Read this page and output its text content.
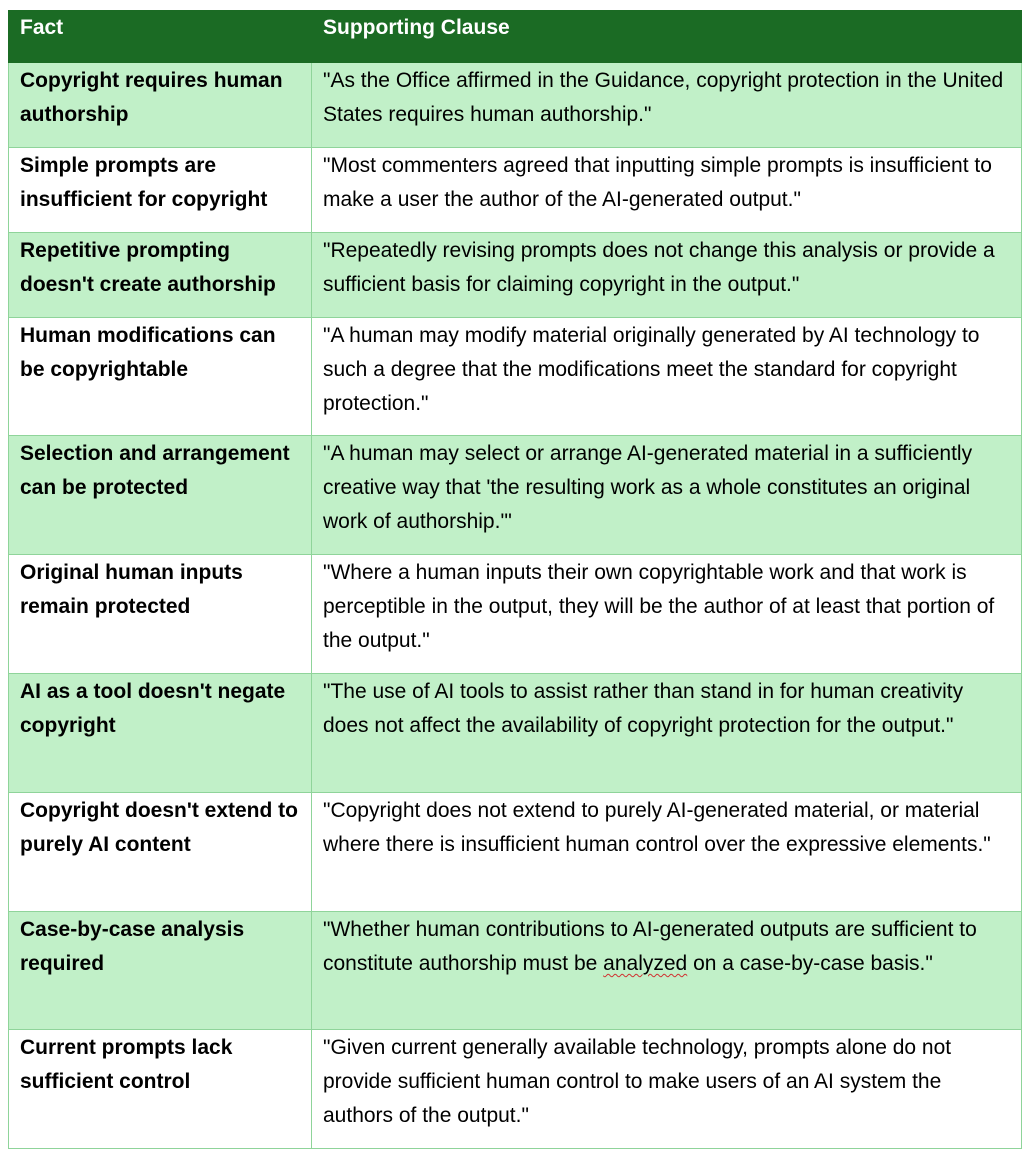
Fact	Supporting Clause
Copyright requires human authorship	"As the Office affirmed in the Guidance, copyright protection in the United States requires human authorship."
Simple prompts are insufficient for copyright	"Most commenters agreed that inputting simple prompts is insufficient to make a user the author of the AI-generated output."
Repetitive prompting doesn't create authorship	"Repeatedly revising prompts does not change this analysis or provide a sufficient basis for claiming copyright in the output."
Human modifications can be copyrightable	"A human may modify material originally generated by AI technology to such a degree that the modifications meet the standard for copyright protection."
Selection and arrangement can be protected	"A human may select or arrange AI-generated material in a sufficiently creative way that 'the resulting work as a whole constitutes an original work of authorship.'"
Original human inputs remain protected	"Where a human inputs their own copyrightable work and that work is perceptible in the output, they will be the author of at least that portion of the output."
AI as a tool doesn't negate copyright	"The use of AI tools to assist rather than stand in for human creativity does not affect the availability of copyright protection for the output."
Copyright doesn't extend to purely AI content	"Copyright does not extend to purely AI-generated material, or material where there is insufficient human control over the expressive elements."
Case-by-case analysis required	"Whether human contributions to AI-generated outputs are sufficient to constitute authorship must be analyzed on a case-by-case basis."
Current prompts lack sufficient control	"Given current generally available technology, prompts alone do not provide sufficient human control to make users of an AI system the authors of the output."
